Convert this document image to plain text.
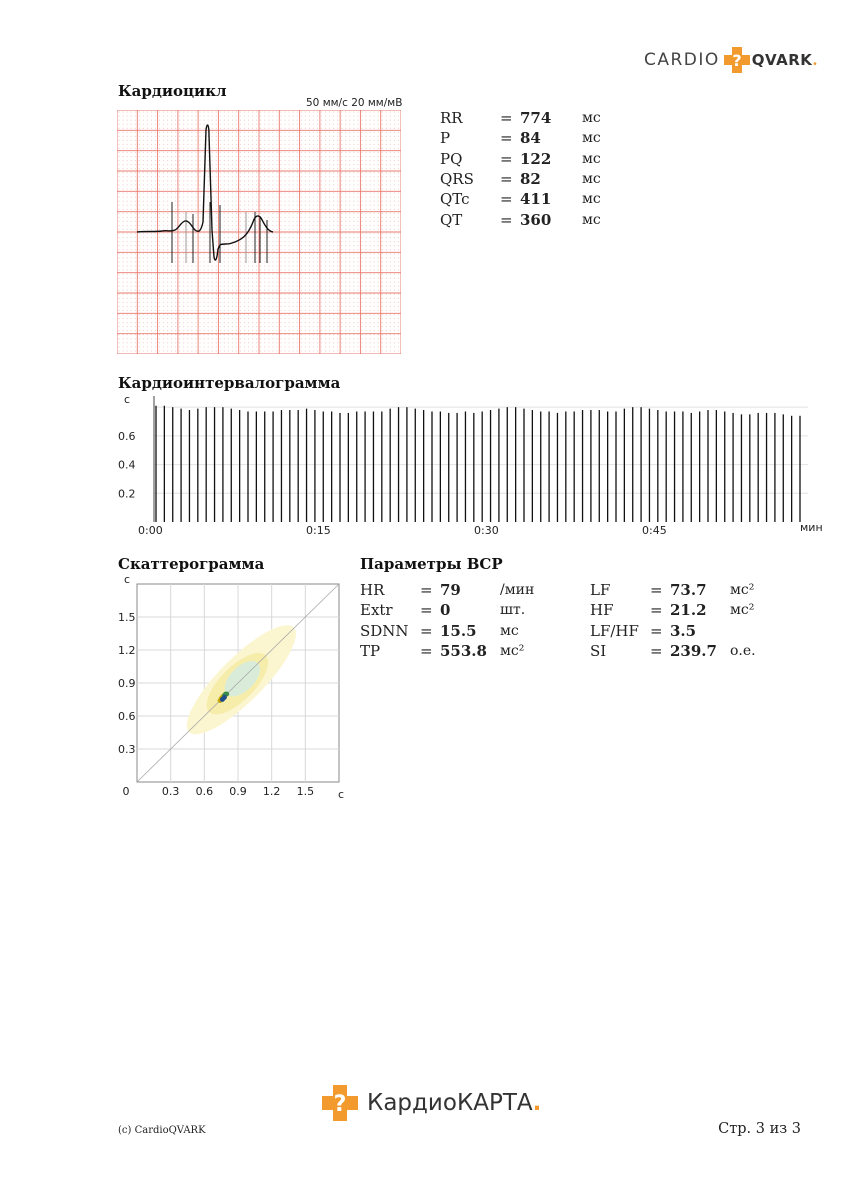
CARDIO ? QVARK .
Кардиоцикл
50 мм/с 20 мм/мВ
RR	=	774	мс
P	=	84	мс
PQ	=	122	мс
QRS	=	82	мс
QTc	=	411	мс
QT	=	360	мс
Кардиоинтервалограмма
0.2
0.4
0.6
с
0:00	0:15	0:30	0:45	мин
Скаттерограмма
0	0.3 0.6 0.9 1.2 1.5
0.3
0.6
0.9
1.2
1.5
с
с
Параметры ВСР
HR	=	79	/мин
Extr	=	0	шт.
SDNN	=	15.5	мс
TP	=	553.8	мс²
LF	=	73.7	мс²
HF	=	21.2	мс²
LF/HF	=	3.5	
SI	=	239.7	о.е.
? КардиоКАРТА .
(c) CardioQVARK	Стр. 3 из 3
